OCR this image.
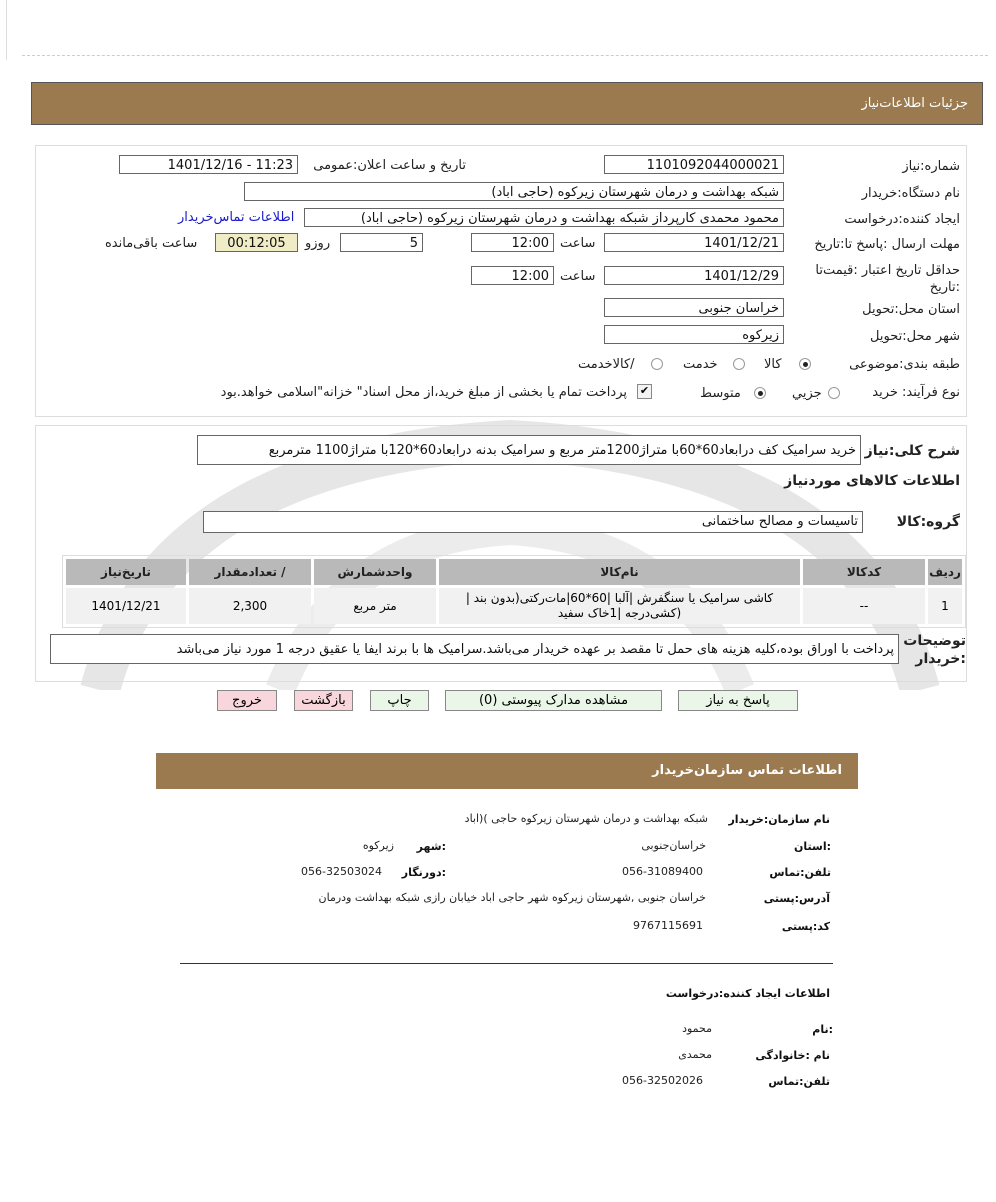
جزئیات اطلاعات‌نیاز
شماره:نیاز
1101092044000021
تاریخ و ساعت اعلان:عمومی
1401/12/16 - 11:23
نام دستگاه:خریدار
شبکه بهداشت و درمان شهرستان زیرکوه (حاجی اباد)
ایجاد کننده:درخواست
محمود محمدی کارپرداز شبکه بهداشت و درمان شهرستان زیرکوه (حاجی اباد)
اطلاعات تماس‌خریدار
مهلت ارسال :پاسخ تا:تاریخ
1401/12/21
ساعت
12:00
5
روزو
00:12:05
ساعت باقی‌مانده
حداقل تاریخ اعتبار :قیمت‌تا :تاریخ
1401/12/29
ساعت
12:00
استان محل:تحویل
خراسان جنوبی
شهر محل:تحویل
زیرکوه
طبقه بندی:موضوعی
کالا
خدمت
/کالاخدمت
نوع فرآیند: خرید
جزيي
متوسط
✔
پرداخت تمام یا بخشی از مبلغ خرید،از محل اسناد" خزانه"اسلامی خواهد.بود
شرح کلی:نیاز
خرید سرامیک کف درابعاد60*60با متراژ1200متر مربع و سرامیک بدنه درابعاد60*120با متراژ1100 مترمربع
اطلاعات کالاهای موردنیاز
گروه:کالا
تاسیسات و مصالح ساختمانی
ردیف	کدکالا	نام‌کالا	واحدشمارش	/ تعدادمقدار	تاریخ‌نیاز
1	--	کاشی سرامیک یا سنگفرش |آلبا |60*60|مات‌رکتی(بدون بند |(کشی‌درجه |1خاک سفید	متر مربع	2,300	1401/12/21
توضیحات :خریدار
پرداخت با اوراق بوده،کلیه هزینه های حمل تا مقصد بر عهده خریدار می‌باشد.سرامیک ها با برند ایفا یا عقیق درجه 1 مورد نیاز می‌باشد
پاسخ به نیاز
مشاهده مدارک پیوستی (0)
چاپ
بازگشت
خروج
اطلاعات تماس سازمان‌خریدار
نام سازمان:خریدار
شبکه بهداشت و درمان شهرستان زیرکوه حاجی )(اباد
:استان
خراسان‌جنوبی
:شهر
زیرکوه
تلفن:تماس
056-31089400
:دورنگار
056-32503024
آدرس:پستی
خراسان جنوبی ,شهرستان زیرکوه شهر حاجی اباد خیابان رازی شبکه بهداشت ودرمان
کد:پستی
9767115691
اطلاعات ایجاد کننده:درخواست
:نام
محمود
نام :خانوادگی
محمدی
تلفن:تماس
056-32502026
